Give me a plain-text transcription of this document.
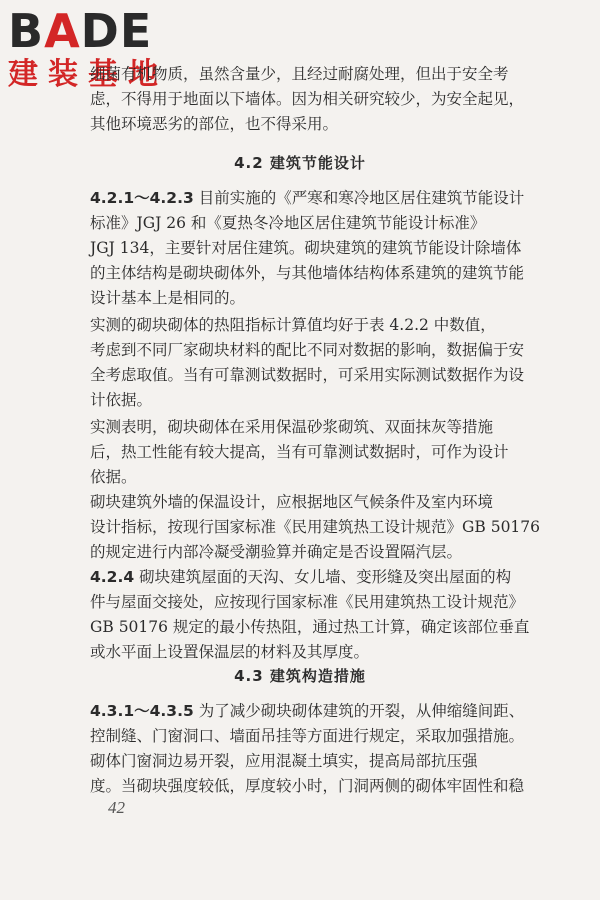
BADE
建装基地
细菌有机物质，虽然含量少，且经过耐腐处理，但出于安全考
虑，不得用于地面以下墙体。因为相关研究较少，为安全起见，
其他环境恶劣的部位，也不得采用。
4.2 建筑节能设计
4.2.1～4.2.3 目前实施的《严寒和寒冷地区居住建筑节能设计
标准》JGJ 26 和《夏热冬冷地区居住建筑节能设计标准》
JGJ 134，主要针对居住建筑。砌块建筑的建筑节能设计除墙体
的主体结构是砌块砌体外，与其他墙体结构体系建筑的建筑节能
设计基本上是相同的。
实测的砌块砌体的热阻指标计算值均好于表 4.2.2 中数值，
考虑到不同厂家砌块材料的配比不同对数据的影响，数据偏于安
全考虑取值。当有可靠测试数据时，可采用实际测试数据作为设
计依据。
实测表明，砌块砌体在采用保温砂浆砌筑、双面抹灰等措施
后，热工性能有较大提高，当有可靠测试数据时，可作为设计
依据。
砌块建筑外墙的保温设计，应根据地区气候条件及室内环境
设计指标，按现行国家标准《民用建筑热工设计规范》GB 50176
的规定进行内部冷凝受潮验算并确定是否设置隔汽层。
4.2.4 砌块建筑屋面的天沟、女儿墙、变形缝及突出屋面的构
件与屋面交接处，应按现行国家标准《民用建筑热工设计规范》
GB 50176 规定的最小传热阻，通过热工计算，确定该部位垂直
或水平面上设置保温层的材料及其厚度。
4.3 建筑构造措施
4.3.1～4.3.5 为了减少砌块砌体建筑的开裂，从伸缩缝间距、
控制缝、门窗洞口、墙面吊挂等方面进行规定，采取加强措施。
砌体门窗洞边易开裂，应用混凝土填实，提高局部抗压强
度。当砌块强度较低，厚度较小时，门洞两侧的砌体牢固性和稳
42
